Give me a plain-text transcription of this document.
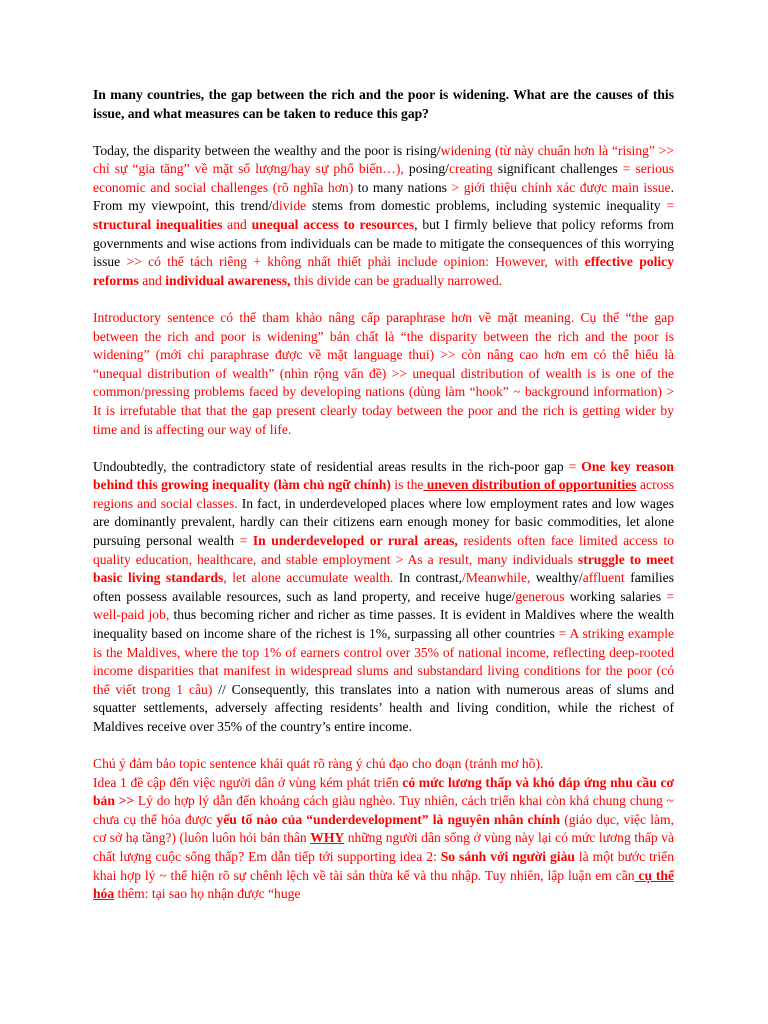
In many countries, the gap between the rich and the poor is widening. What are the causes of this issue, and what measures can be taken to reduce this gap?

Today, the disparity between the wealthy and the poor is rising/widening (từ này chuẩn hơn là “rising” >> chỉ sự “gia tăng” về mặt số lượng/hay sự phổ biến…), posing/creating significant challenges = serious economic and social challenges (rõ nghĩa hơn) to many nations > giới thiệu chính xác được main issue. From my viewpoint, this trend/divide stems from domestic problems, including systemic inequality = structural inequalities and unequal access to resources, but I firmly believe that policy reforms from governments and wise actions from individuals can be made to mitigate the consequences of this worrying issue >> có thể tách riêng + không nhất thiết phải include opinion: However, with effective policy reforms and individual awareness, this divide can be gradually narrowed.

Introductory sentence có thể tham khảo nâng cấp paraphrase hơn về mặt meaning. Cụ thể “the gap between the rich and poor is widening” bản chất là “the disparity between the rich and the poor is widening” (mới chỉ paraphrase được về mặt language thui) >> còn nâng cao hơn em có thể hiểu là “unequal distribution of wealth” (nhìn rộng vấn đề) >> unequal distribution of wealth is is one of the common/pressing problems faced by developing nations (dùng làm “hook” ~ background information) > It is irrefutable that that the gap present clearly today between the poor and the rich is getting wider by time and is affecting our way of life.

Undoubtedly, the contradictory state of residential areas results in the rich-poor gap = One key reason behind this growing inequality (làm chủ ngữ chính) is the uneven distribution of opportunities across regions and social classes. In fact, in underdeveloped places where low employment rates and low wages are dominantly prevalent, hardly can their citizens earn enough money for basic commodities, let alone pursuing personal wealth = In underdeveloped or rural areas, residents often face limited access to quality education, healthcare, and stable employment > As a result, many individuals struggle to meet basic living standards, let alone accumulate wealth. In contrast,/Meanwhile, wealthy/affluent families often possess available resources, such as land property, and receive huge/generous working salaries = well-paid job, thus becoming richer and richer as time passes. It is evident in Maldives where the wealth inequality based on income share of the richest is 1%, surpassing all other countries = A striking example is the Maldives, where the top 1% of earners control over 35% of national income, reflecting deep-rooted income disparities that manifest in widespread slums and substandard living conditions for the poor (có thể viết trong 1 câu) // Consequently, this translates into a nation with numerous areas of slums and squatter settlements, adversely affecting residents’ health and living condition, while the richest of Maldives receive over 35% of the country’s entire income.

Chú ý đảm bảo topic sentence khái quát rõ ràng ý chủ đạo cho đoạn (tránh mơ hồ).

Idea 1 đề cập đến việc người dân ở vùng kém phát triển có mức lương thấp và khó đáp ứng nhu cầu cơ bản >> Lý do hợp lý dẫn đến khoảng cách giàu nghèo. Tuy nhiên, cách triển khai còn khá chung chung ~ chưa cụ thể hóa được yếu tố nào của “underdevelopment” là nguyên nhân chính (giáo dục, việc làm, cơ sở hạ tầng?) (luôn luôn hỏi bản thân WHY những người dân sống ở vùng này lại có mức lương thấp và chất lượng cuộc sống thấp? Em dẫn tiếp tới supporting idea 2: So sánh với người giàu là một bước triển khai hợp lý ~ thể hiện rõ sự chênh lệch về tài sản thừa kế và thu nhập. Tuy nhiên, lập luận em cần cụ thể hóa thêm: tại sao họ nhận được “huge
